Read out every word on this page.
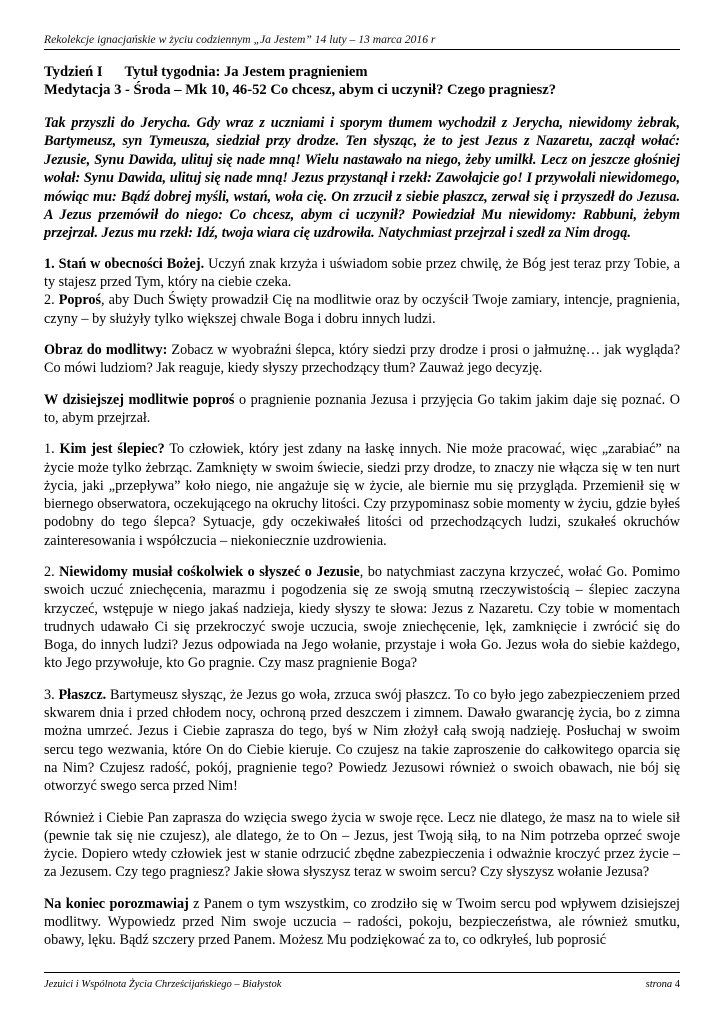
Rekolekcje ignacjańskie w życiu codziennym „Ja Jestem” 14 luty – 13 marca 2016 r
Tydzień I Tytuł tygodnia: Ja Jestem pragnieniem
Medytacja 3 - Środa – Mk 10, 46-52 Co chcesz, abym ci uczynił? Czego pragniesz?

Tak przyszli do Jerycha. Gdy wraz z uczniami i sporym tłumem wychodził z Jerycha, niewidomy żebrak, Bartymeusz, syn Tymeusza, siedział przy drodze. Ten słysząc, że to jest Jezus z Nazaretu, zaczął wołać: Jezusie, Synu Dawida, ulituj się nade mną! Wielu nastawało na niego, żeby umilkł. Lecz on jeszcze głośniej wołał: Synu Dawida, ulituj się nade mną! Jezus przystanął i rzekł: Zawołajcie go! I przywołali niewidomego, mówiąc mu: Bądź dobrej myśli, wstań, woła cię. On zrzucił z siebie płaszcz, zerwał się i przyszedł do Jezusa. A Jezus przemówił do niego: Co chcesz, abym ci uczynił? Powiedział Mu niewidomy: Rabbuni, żebym przejrzał. Jezus mu rzekł: Idź, twoja wiara cię uzdrowiła. Natychmiast przejrzał i szedł za Nim drogą.

1. Stań w obecności Bożej. Uczyń znak krzyża i uświadom sobie przez chwilę, że Bóg jest teraz przy Tobie, a ty stajesz przed Tym, który na ciebie czeka.

2. Poproś, aby Duch Święty prowadził Cię na modlitwie oraz by oczyścił Twoje zamiary, intencje, pragnienia, czyny – by służyły tylko większej chwale Boga i dobru innych ludzi.

Obraz do modlitwy: Zobacz w wyobraźni ślepca, który siedzi przy drodze i prosi o jałmużnę… jak wygląda? Co mówi ludziom? Jak reaguje, kiedy słyszy przechodzący tłum? Zauważ jego decyzję.

W dzisiejszej modlitwie poproś o pragnienie poznania Jezusa i przyjęcia Go takim jakim daje się poznać. O to, abym przejrzał.

1. Kim jest ślepiec? To człowiek, który jest zdany na łaskę innych. Nie może pracować, więc „zarabiać” na życie może tylko żebrząc. Zamknięty w swoim świecie, siedzi przy drodze, to znaczy nie włącza się w ten nurt życia, jaki „przepływa” koło niego, nie angażuje się w życie, ale biernie mu się przygląda. Przemienił się w biernego obserwatora, oczekującego na okruchy litości. Czy przypominasz sobie momenty w życiu, gdzie byłeś podobny do tego ślepca? Sytuacje, gdy oczekiwałeś litości od przechodzących ludzi, szukałeś okruchów zainteresowania i współczucia – niekoniecznie uzdrowienia.

2. Niewidomy musiał cośkolwiek o słyszeć o Jezusie, bo natychmiast zaczyna krzyczeć, wołać Go. Pomimo swoich uczuć zniechęcenia, marazmu i pogodzenia się ze swoją smutną rzeczywistością – ślepiec zaczyna krzyczeć, wstępuje w niego jakaś nadzieja, kiedy słyszy te słowa: Jezus z Nazaretu. Czy tobie w momentach trudnych udawało Ci się przekroczyć swoje uczucia, swoje zniechęcenie, lęk, zamknięcie i zwrócić się do Boga, do innych ludzi? Jezus odpowiada na Jego wołanie, przystaje i woła Go. Jezus woła do siebie każdego, kto Jego przywołuje, kto Go pragnie. Czy masz pragnienie Boga?

3. Płaszcz. Bartymeusz słysząc, że Jezus go woła, zrzuca swój płaszcz. To co było jego zabezpieczeniem przed skwarem dnia i przed chłodem nocy, ochroną przed deszczem i zimnem. Dawało gwarancję życia, bo z zimna można umrzeć. Jezus i Ciebie zaprasza do tego, byś w Nim złożył całą swoją nadzieję. Posłuchaj w swoim sercu tego wezwania, które On do Ciebie kieruje. Co czujesz na takie zaproszenie do całkowitego oparcia się na Nim? Czujesz radość, pokój, pragnienie tego? Powiedz Jezusowi również o swoich obawach, nie bój się otworzyć swego serca przed Nim!

Również i Ciebie Pan zaprasza do wzięcia swego życia w swoje ręce. Lecz nie dlatego, że masz na to wiele sił (pewnie tak się nie czujesz), ale dlatego, że to On – Jezus, jest Twoją siłą, to na Nim potrzeba oprzeć swoje życie. Dopiero wtedy człowiek jest w stanie odrzucić zbędne zabezpieczenia i odważnie kroczyć przez życie – za Jezusem. Czy tego pragniesz? Jakie słowa słyszysz teraz w swoim sercu? Czy słyszysz wołanie Jezusa?

Na koniec porozmawiaj z Panem o tym wszystkim, co zrodziło się w Twoim sercu pod wpływem dzisiejszej modlitwy. Wypowiedz przed Nim swoje uczucia – radości, pokoju, bezpieczeństwa, ale również smutku, obawy, lęku. Bądź szczery przed Panem. Możesz Mu podziękować za to, co odkryłeś, lub poprosić

Jezuici i Wspólnota Życia Chrześcijańskiego – Białystok	strona 4
